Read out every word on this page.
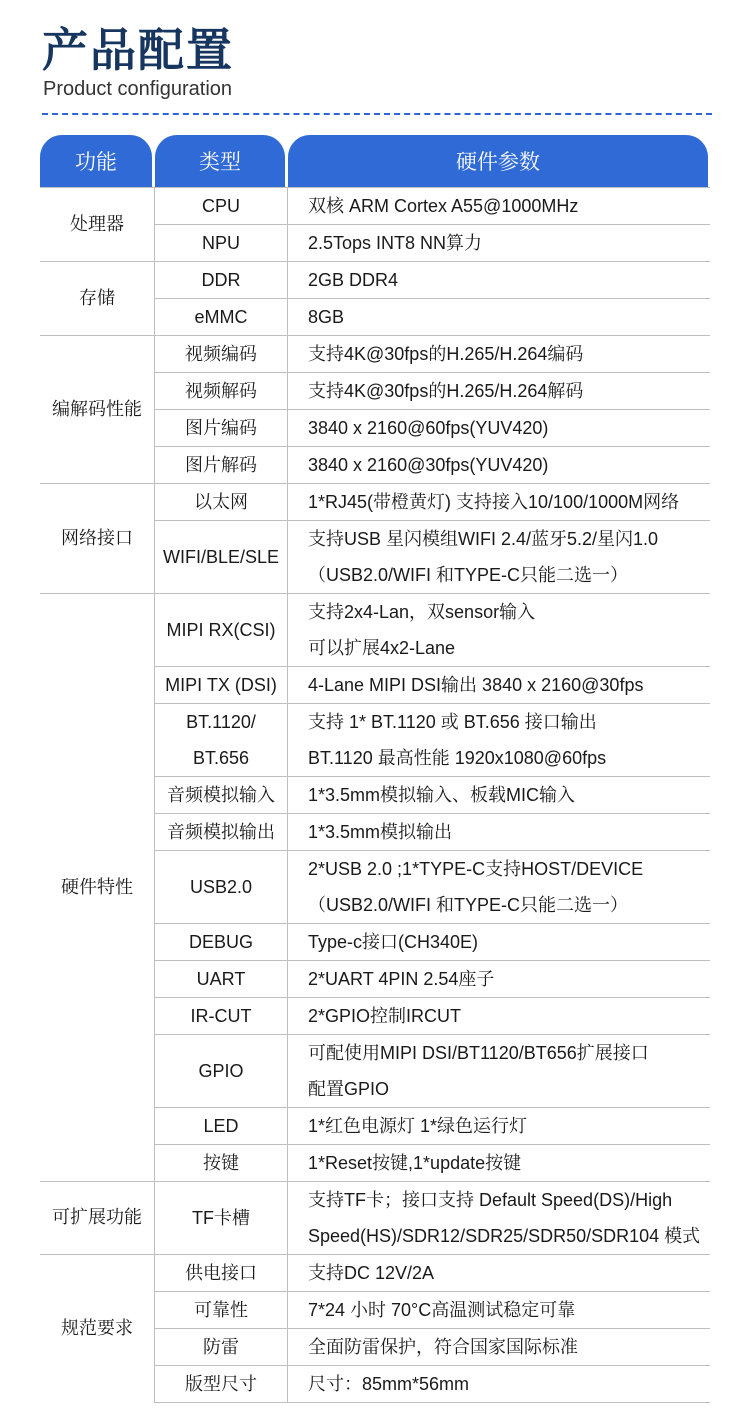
产品配置
Product configuration
功能	类型	硬件参数
处理器	CPU	双核 ARM Cortex A55@1000MHz

	NPU	2.5Tops INT8 NN算力

存储	DDR	2GB DDR4

	eMMC	8GB

编解码性能	视频编码	支持4K@30fps的H.265/H.264编码

	视频解码	支持4K@30fps的H.265/H.264解码

	图片编码	3840 x 2160@60fps(YUV420)

	图片解码	3840 x 2160@30fps(YUV420)

网络接口	以太网	1*RJ45(带橙黄灯) 支持接入10/100/1000M网络

	WIFI/BLE/SLE	支持USB 星闪模组WIFI 2.4/蓝牙5.2/星闪1.0
（USB2.0/WIFI 和TYPE-C只能二选一）

硬件特性	MIPI RX(CSI)	支持2x4-Lan，双sensor输入
可以扩展4x2-Lane

	MIPI TX (DSI)	4-Lane MIPI DSI输出 3840 x 2160@30fps

	BT.1120/
BT.656	支持 1* BT.1120 或 BT.656 接口输出
BT.1120 最高性能 1920x1080@60fps

	音频模拟输入	1*3.5mm模拟输入、板载MIC输入

	音频模拟输出	1*3.5mm模拟输出

	USB2.0	2*USB 2.0 ;1*TYPE-C支持HOST/DEVICE
（USB2.0/WIFI 和TYPE-C只能二选一）

	DEBUG	Type-c接口(CH340E)

	UART	2*UART 4PIN 2.54座子

	IR-CUT	2*GPIO控制IRCUT

	GPIO	可配使用MIPI DSI/BT1120/BT656扩展接口
配置GPIO

	LED	1*红色电源灯 1*绿色运行灯

	按键	1*Reset按键,1*update按键

可扩展功能	TF卡槽	支持TF卡；接口支持 Default Speed(DS)/High
Speed(HS)/SDR12/SDR25/SDR50/SDR104 模式

规范要求	供电接口	支持DC 12V/2A

	可靠性	7*24 小时 70°C高温测试稳定可靠

	防雷	全面防雷保护，符合国家国际标准

	版型尺寸	尺寸：85mm*56mm
